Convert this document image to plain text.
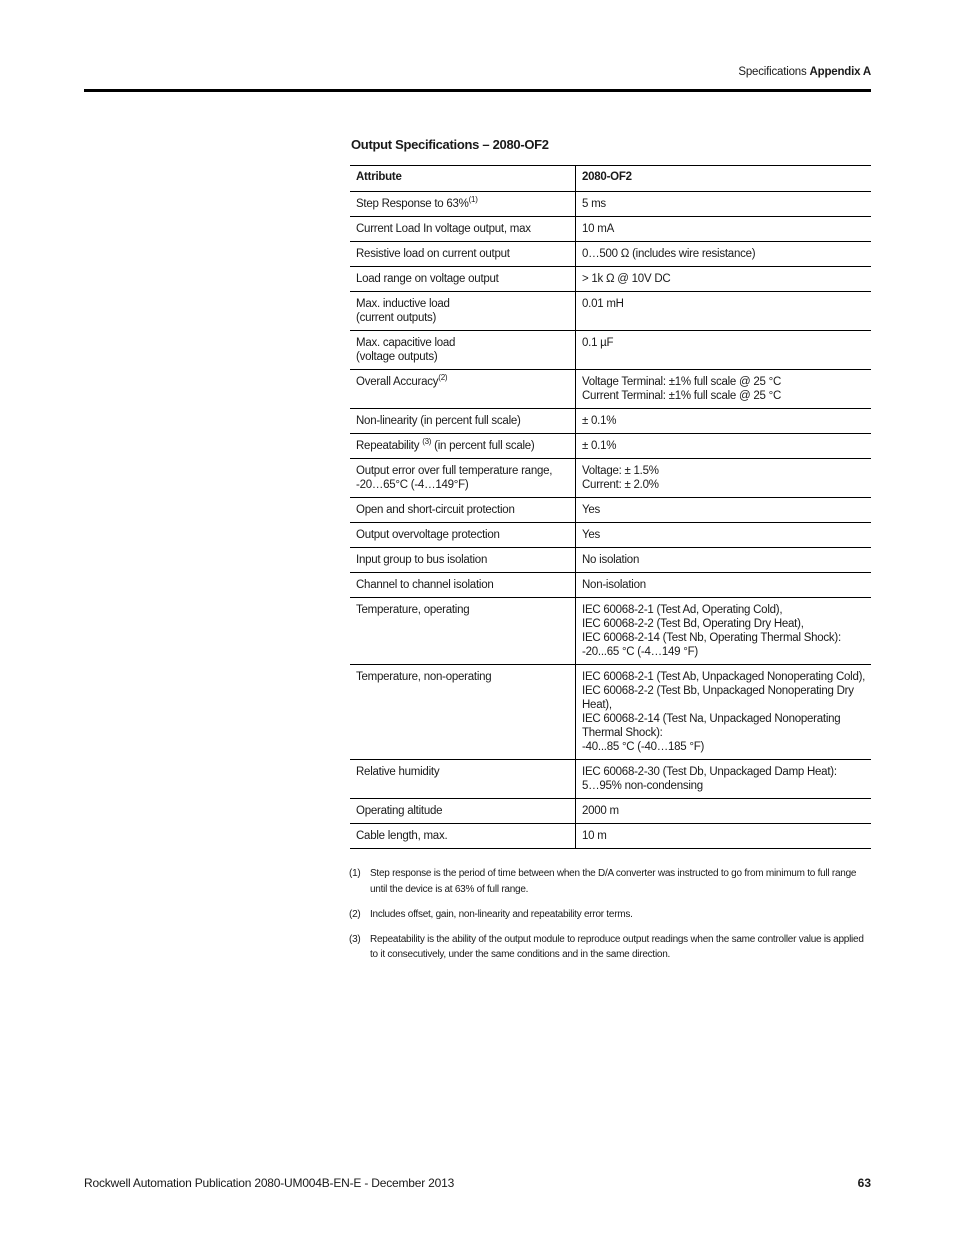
Specifications Appendix A
Output Specifications – 2080-OF2
Attribute	2080-OF2
Step Response to 63%$^{(1)}$	5 ms

Current Load In voltage output, max	10 mA

Resistive load on current output	0…500 Ω (includes wire resistance)

Load range on voltage output	> 1k Ω @ 10V DC

Max. inductive load
(current outputs)	0.01 mH

Max. capacitive load
(voltage outputs)	0.1 µF

Overall Accuracy$^{(2)}$	Voltage Terminal: ±1% full scale @ 25 °C
Current Terminal: ±1% full scale @ 25 °C

Non-linearity (in percent full scale)	± 0.1%

Repeatability $^{(3)}$ (in percent full scale)	± 0.1%

Output error over full temperature range,
-20…65°C (-4…149°F)	Voltage: ± 1.5%
Current: ± 2.0%

Open and short-circuit protection	Yes

Output overvoltage protection	Yes

Input group to bus isolation	No isolation

Channel to channel isolation	Non-isolation

Temperature, operating	IEC 60068-2-1 (Test Ad, Operating Cold),
IEC 60068-2-2 (Test Bd, Operating Dry Heat),
IEC 60068-2-14 (Test Nb, Operating Thermal Shock):
-20...65 °C (-4…149 °F)

Temperature, non-operating	IEC 60068-2-1 (Test Ab, Unpackaged Nonoperating Cold),
IEC 60068-2-2 (Test Bb, Unpackaged Nonoperating Dry Heat),
IEC 60068-2-14 (Test Na, Unpackaged Nonoperating Thermal Shock):
-40...85 °C (-40…185 °F)

Relative humidity	IEC 60068-2-30 (Test Db, Unpackaged Damp Heat):
5…95% non-condensing

Operating altitude	2000 m

Cable length, max.	10 m
(1) Step response is the period of time between when the D/A converter was instructed to go from minimum to full range until the device is at 63% of full range.
(2) Includes offset, gain, non-linearity and repeatability error terms.
(3) Repeatability is the ability of the output module to reproduce output readings when the same controller value is applied to it consecutively, under the same conditions and in the same direction.
Rockwell Automation Publication 2080-UM004B-EN-E - December 2013	63
